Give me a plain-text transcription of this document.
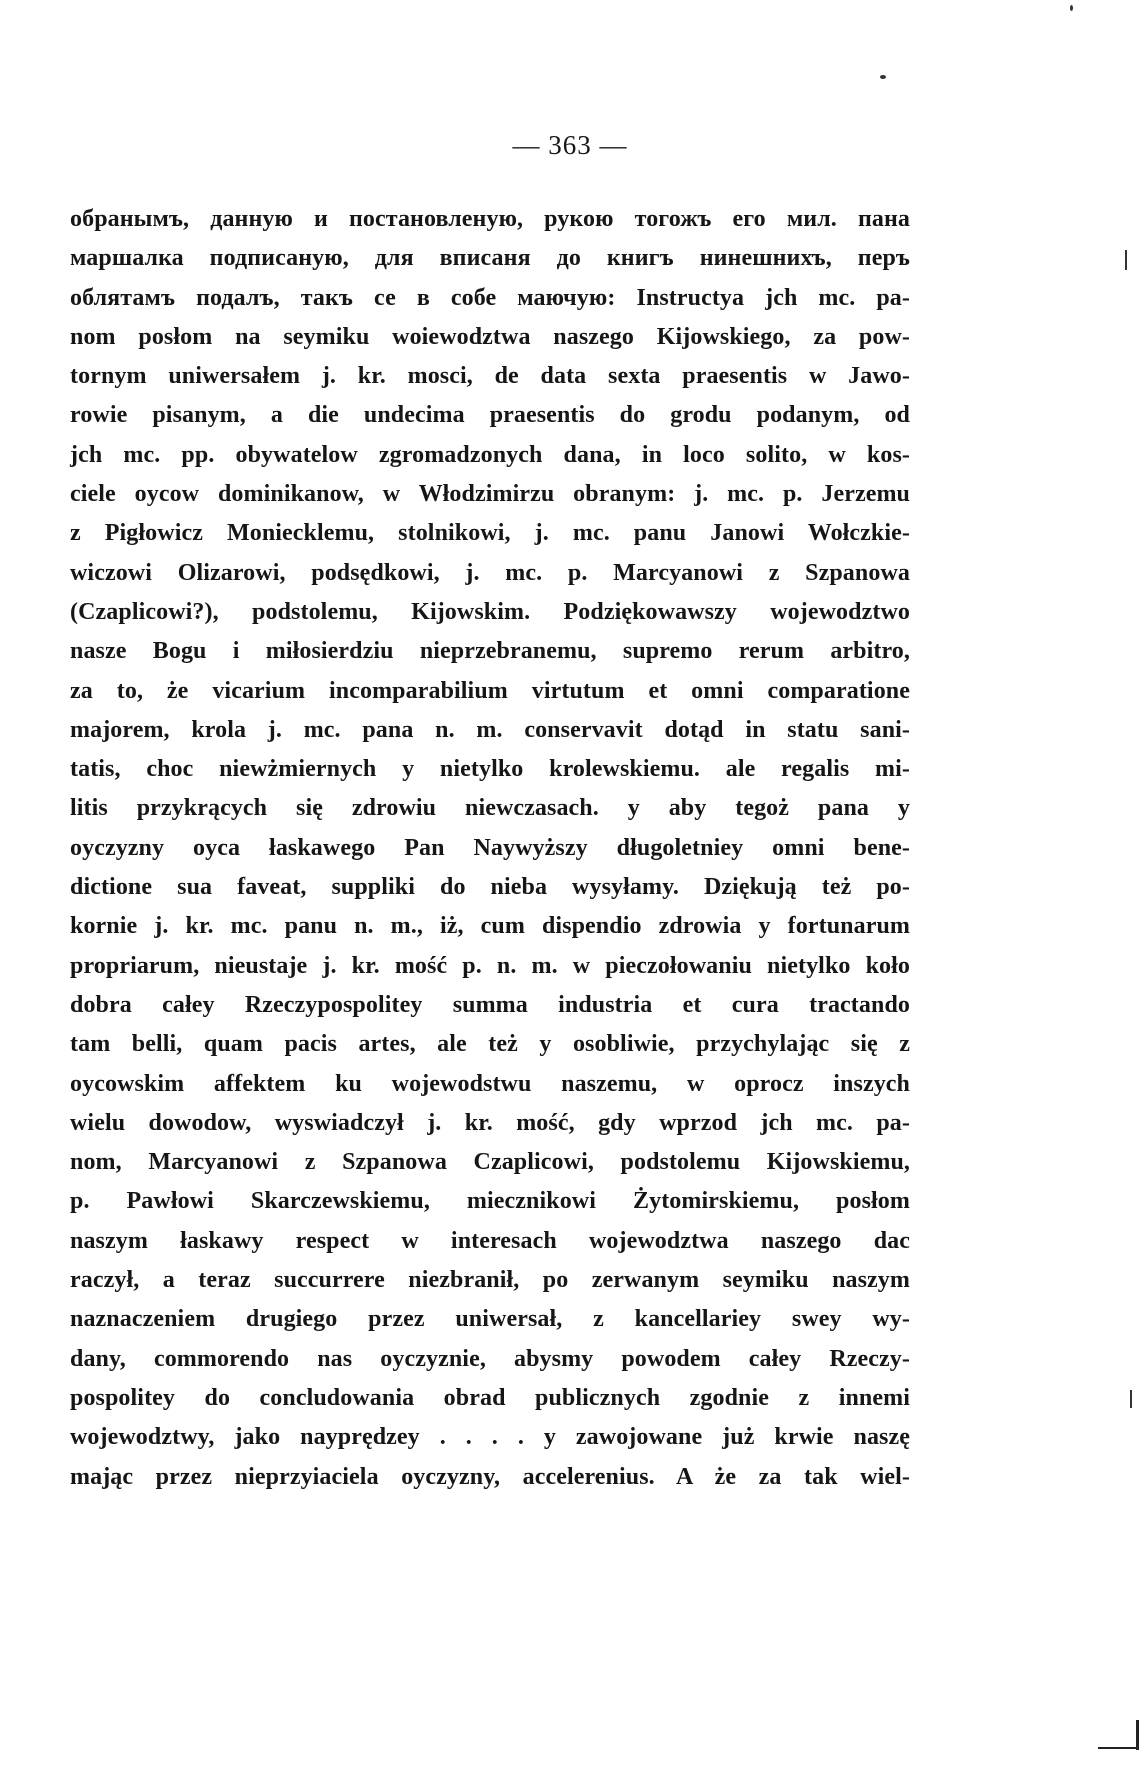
— 363 —
обранымъ, данную и постановленую, рукою тогожъ его мил. пана
маршалка подписаную, для вписаня до книгъ нинешнихъ, перъ
облятамъ подалъ, такъ се в собе маючую: Instructya jch mc. pa-
nom posłom na seymiku woiewodztwa naszego Kijowskiego, za pow-
tornym uniwersałem j. kr. mosci, de data sexta praesentis w Jawo-
rowie pisanym, a die undecima praesentis do grodu podanym, od
jch mc. pp. obywatelow zgromadzonych dana, in loco solito, w kos-
ciele oycow dominikanow, w Włodzimirzu obranym: j. mc. p. Jerzemu
z Pigłowicz Moniecklemu, stolnikowi, j. mc. panu Janowi Wołczkie-
wiczowi Olizarowi, podsędkowi, j. mc. p. Marcyanowi z Szpanowa
(Czaplicowi?), podstolemu, Kijowskim. Podziękowawszy wojewodztwo
nasze Bogu i miłosierdziu nieprzebranemu, supremo rerum arbitro,
za to, że vicarium incomparabilium virtutum et omni comparatione
majorem, krola j. mc. pana n. m. conservavit dotąd in statu sani-
tatis, choc niewżmiernych y nietylko krolewskiemu. ale regalis mi-
litis przykrących się zdrowiu niewczasach. y aby tegoż pana y
oyczyzny oyca łaskawego Pan Naywyższy długoletniey omni bene-
dictione sua faveat, suppliki do nieba wysyłamy. Dziękują też po-
kornie j. kr. mc. panu n. m., iż, cum dispendio zdrowia y fortunarum
propriarum, nieustaje j. kr. mość p. n. m. w pieczołowaniu nietylko koło
dobra całey Rzeczypospolitey summa industria et cura tractando
tam belli, quam pacis artes, ale też y osobliwie, przychylając się z
oycowskim affektem ku wojewodstwu naszemu, w oprocz inszych
wielu dowodow, wyswiadczył j. kr. mość, gdy wprzod jch mc. pa-
nom, Marcyanowi z Szpanowa Czaplicowi, podstolemu Kijowskiemu,
p. Pawłowi Skarczewskiemu, miecznikowi Żytomirskiemu, posłom
naszym łaskawy respect w interesach wojewodztwa naszego dac
raczył, a teraz succurrere niezbranił, po zerwanym seymiku naszym
naznaczeniem drugiego przez uniwersał, z kancellariey swey wy-
dany, commorendo nas oyczyznie, abysmy powodem całey Rzeczy-
pospolitey do concludowania obrad publicznych zgodnie z innemi
wojewodztwy, jako nayprędzey . . . . y zawojowane już krwie naszę
mając przez nieprzyiaciela oyczyzny, accelerenius. A że za tak wiel-
